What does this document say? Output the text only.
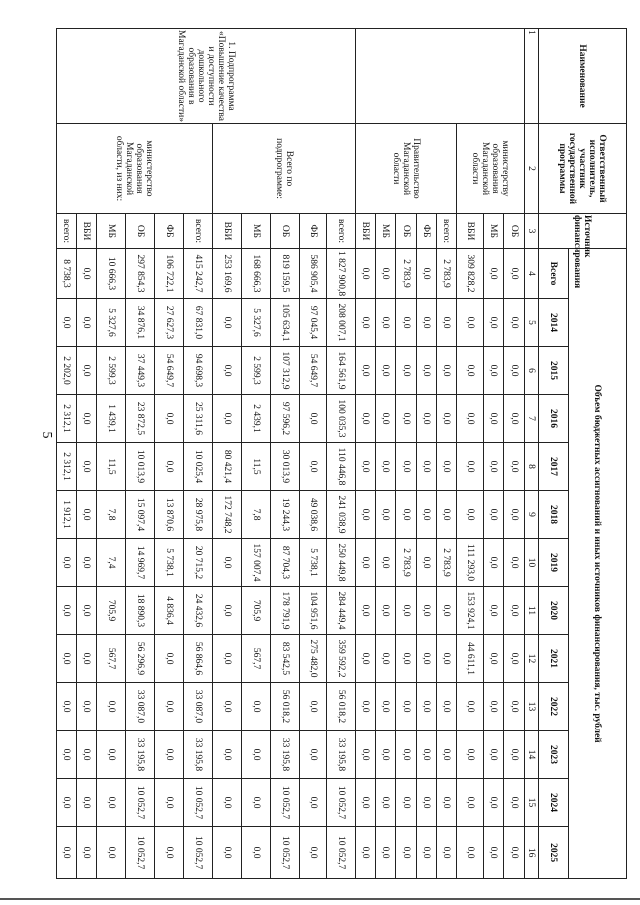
5
Наименование	Ответственный исполнитель, участник государственной программы	Источник финансирования	Объем бюджетных ассигнований и иных источников финансирования, тыс. рублей												
			Всего	2014	2015	2016	2017	2018	2019	2020	2021	2022	2023	2024	2025
1	2	3	4	5	6	7	8	9	10	11	12	13	14	15	16
	министерству образования Магаданской области	ОБ	0,0	0,0	0,0	0,0	0,0	0,0	0,0	0,0	0,0	0,0	0,0	0,0	0,0
		МБ	0,0	0,0	0,0	0,0	0,0	0,0	0,0	0,0	0,0	0,0	0,0	0,0	0,0
		ВБИ	309 828,2	0,0	0,0	0,0	0,0	0,0	111 293,0	153 924,1	44 611,1	0,0	0,0	0,0	0,0
	Правительство Магаданской области	всего:	2 783,9	0,0	0,0	0,0	0,0	0,0	2 783,9	0,0	0,0	0,0	0,0	0,0	0,0
		ФБ	0,0	0,0	0,0	0,0	0,0	0,0	0,0	0,0	0,0	0,0	0,0	0,0	0,0
		ОБ	2 783,9	0,0	0,0	0,0	0,0	0,0	2 783,9	0,0	0,0	0,0	0,0	0,0	0,0
		МБ	0,0	0,0	0,0	0,0	0,0	0,0	0,0	0,0	0,0	0,0	0,0	0,0	0,0
		ВБИ	0,0	0,0	0,0	0,0	0,0	0,0	0,0	0,0	0,0	0,0	0,0	0,0	0,0
1. Подпрограмма «Повышение качества и доступности дошкольного образования в Магаданской области»	Всего по подпрограмме:	всего:	1 827 900,8	208 007,1	164 561,9	100 035,3	110 446,8	241 038,9	250 449,8	284 449,4	359 592,2	56 018,2	33 195,8	10 052,7	10 052,7
		ФБ	586 905,4	97 045,4	54 649,7	0,0	0,0	49 038,6	5 738,1	104 951,6	275 482,0	0,0	0,0	0,0	0,0
		ОБ	819 159,5	105 634,1	107 312,9	97 596,2	30 013,9	19 244,3	87 704,3	178 791,9	83 542,5	56 018,2	33 195,8	10 052,7	10 052,7
		МБ	168 666,3	5 327,6	2 599,3	2 439,1	11,5	7,8	157 007,4	705,9	567,7	0,0	0,0	0,0	0,0
		ВБИ	253 169,6	0,0	0,0	0,0	80 421,4	172 748,2	0,0	0,0	0,0	0,0	0,0	0,0	0,0
	министерство образования Магаданской области, из них:	всего:	415 242,7	67 831,0	94 698,3	25 311,6	10 025,4	28 975,8	20 715,2	24 432,6	56 864,6	33 087,0	33 195,8	10 052,7	10 052,7
		ФБ	106 722,1	27 627,3	54 649,7	0,0	0,0	13 870,6	5 738,1	4 836,4	0,0	0,0	0,0	0,0	0,0
		ОБ	297 854,3	34 876,1	37 449,3	23 872,5	10 013,9	15 097,4	14 969,7	18 890,3	56 296,9	33 087,0	33 195,8	10 052,7	10 052,7
		МБ	10 666,3	5 327,6	2 599,3	1 439,1	11,5	7,8	7,4	705,9	567,7	0,0	0,0	0,0	0,0
		ВБИ	0,0	0,0	0,0	0,0	0,0	0,0	0,0	0,0	0,0	0,0	0,0	0,0	0,0
		всего:	8 738,3	0,0	2 202,0	2 312,1	2 312,1	1 912,1	0,0	0,0	0,0	0,0	0,0	0,0	0,0
